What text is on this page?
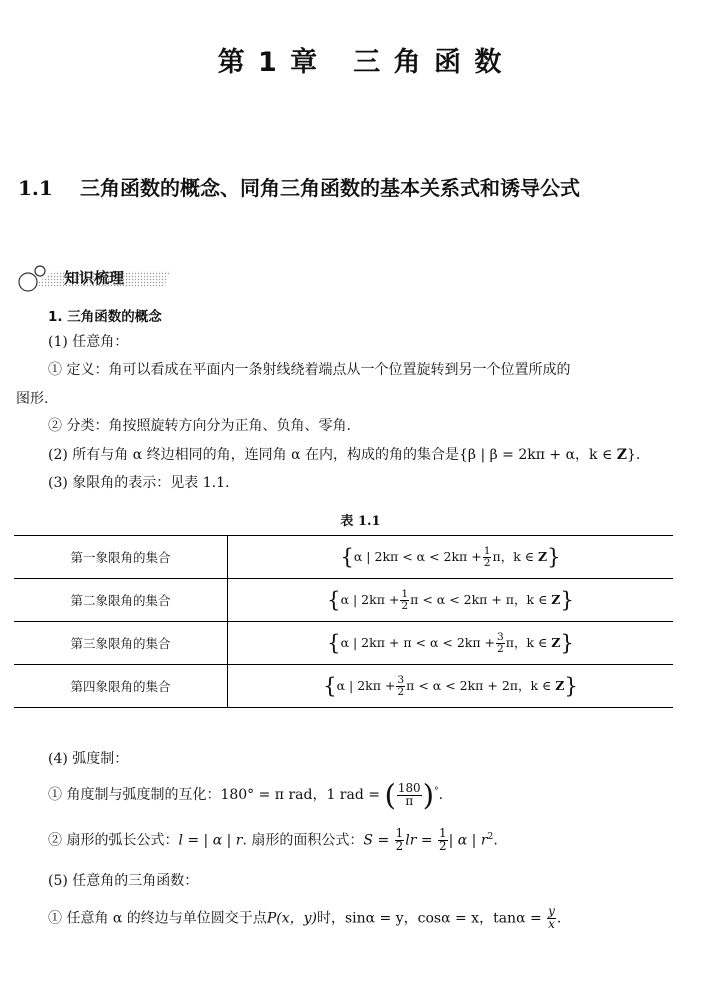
第 1 章 三 角 函 数
1.1 三角函数的概念、同角三角函数的基本关系式和诱导公式
知识梳理
1. 三角函数的概念
(1) 任意角：
① 定义：角可以看成在平面内一条射线绕着端点从一个位置旋转到另一个位置所成的
图形.
② 分类：角按照旋转方向分为正角、负角、零角.
(2) 所有与角 α 终边相同的角，连同角 α 在内，构成的角的集合是{β | β = 2kπ + α，k ∈ Z}.
(3) 象限角的表示：见表 1.1.
表 1.1
第一象限角的集合	{α | $2k\pi < \alpha < 2k\pi + \frac{1}{2}$ π，k ∈ Z}
第二象限角的集合	{α | $2k\pi + \frac{1}{2}$ π < α < 2kπ + π，k ∈ Z}
第三象限角的集合	{α | $2k\pi + \pi < \alpha < 2k\pi + \frac{3}{2}$ π，k ∈ Z}
第四象限角的集合	{α | $2k\pi + \frac{3}{2}$ π < α < 2kπ + 2π，k ∈ Z}
(4) 弧度制：
① 角度制与弧度制的互化：180° = π rad，1 rad = ( $\frac{180}{\pi} )^\circ$.
② 扇形的弧长公式：l = | α | r. 扇形的面积公式：$S = \frac{1}{2}$ lr = $\frac{1}{2}$ | α | $r^2$.
(5) 任意角的三角函数：
① 任意角 α 的终边与单位圆交于点P(x，y)时，sinα = y，cosα = x，$\tan\alpha = \frac{y}{x}$ .
